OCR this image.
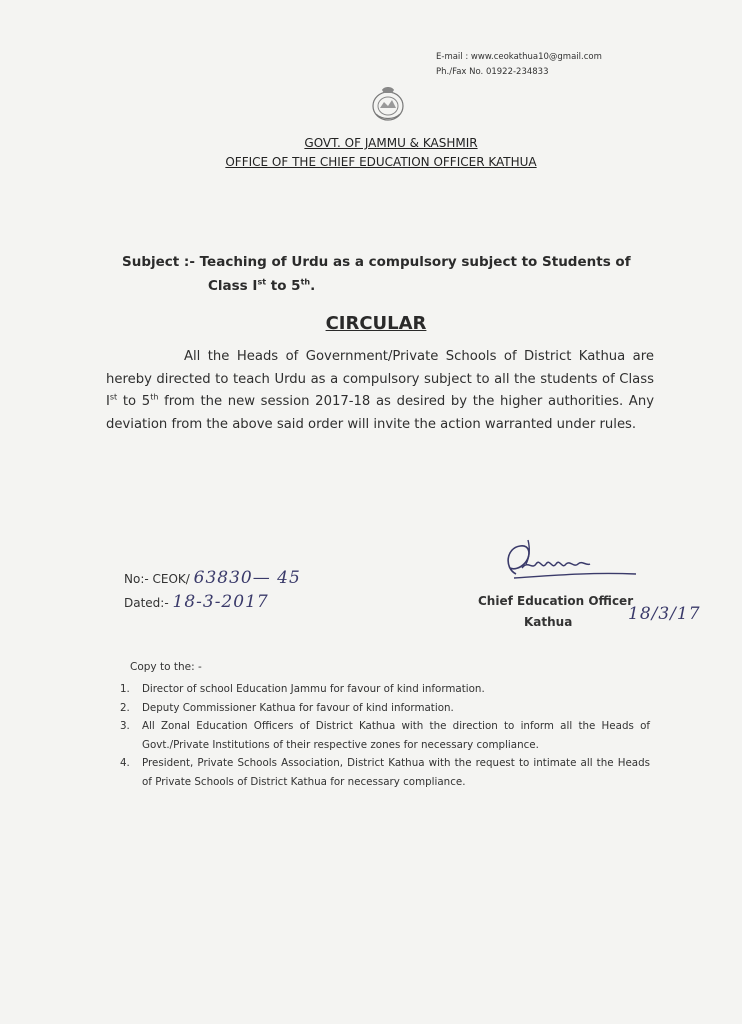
E-mail : www.ceokathua10@gmail.com
Ph./Fax No. 01922-234833
GOVT. OF JAMMU & KASHMIR
OFFICE OF THE CHIEF EDUCATION OFFICER KATHUA
Subject :- Teaching of Urdu as a compulsory subject to Students of
Class Ist to 5th.
CIRCULAR
All the Heads of Government/Private Schools of District Kathua are hereby directed to teach Urdu as a compulsory subject to all the students of Class Ist to 5th from the new session 2017-18 as desired by the higher authorities. Any deviation from the above said order will invite the action warranted under rules.
No:- CEOK/ 63830— 45
Dated:- 18-3-2017	Chief Education Officer
Kathua	18/3/17
Copy to the: -
1.	Director of school Education Jammu for favour of kind information.
2.	Deputy Commissioner Kathua for favour of kind information.
3.	All Zonal Education Officers of District Kathua with the direction to inform all the Heads of Govt./Private Institutions of their respective zones for necessary compliance.
4.	President, Private Schools Association, District Kathua with the request to intimate all the Heads of Private Schools of District Kathua for necessary compliance.
